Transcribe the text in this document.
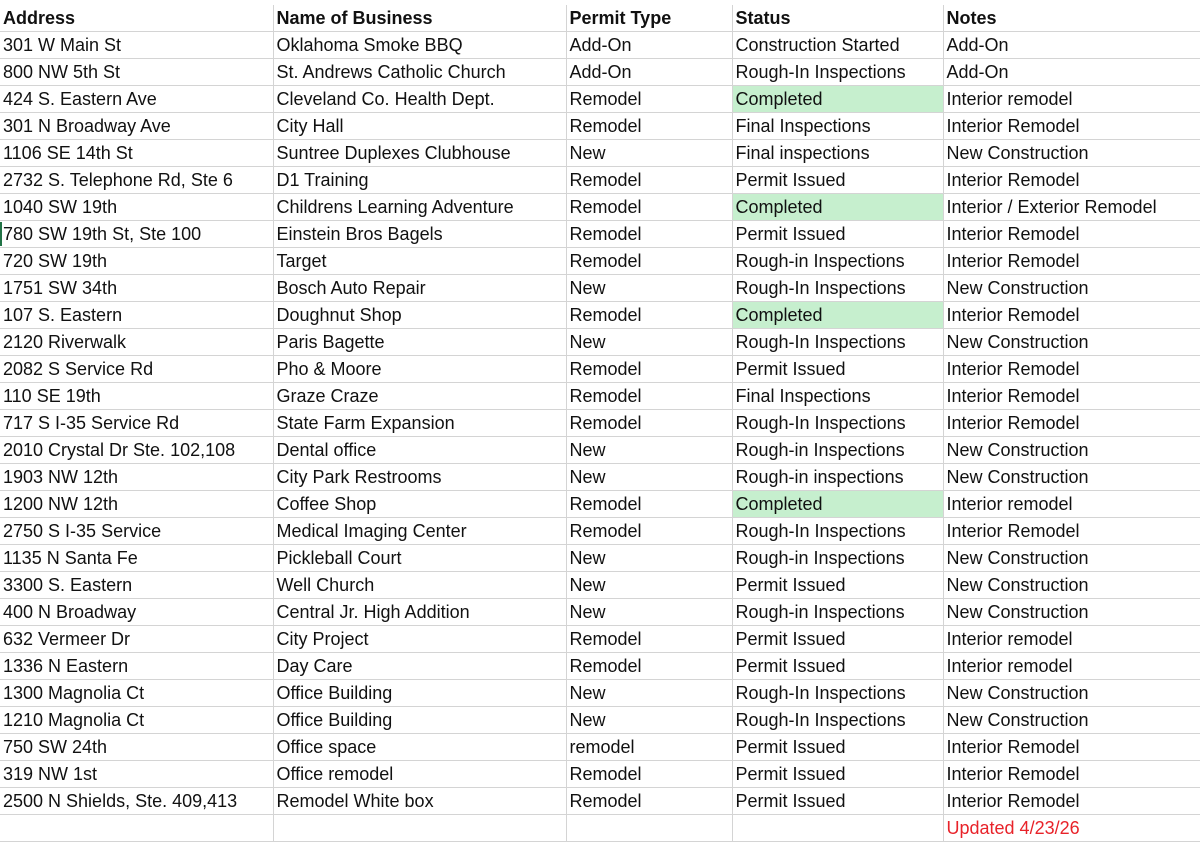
Address	Name of Business	Permit Type	Status	Notes
301 W Main St	Oklahoma Smoke BBQ	Add-On	Construction Started	Add-On
800 NW 5th St	St. Andrews Catholic Church	Add-On	Rough-In Inspections	Add-On
424 S. Eastern Ave	Cleveland Co. Health Dept.	Remodel	Completed	Interior remodel
301 N Broadway Ave	City Hall	Remodel	Final Inspections	Interior Remodel
1106 SE 14th St	Suntree Duplexes Clubhouse	New	Final inspections	New Construction
2732 S. Telephone Rd, Ste 6	D1 Training	Remodel	Permit Issued	Interior Remodel
1040 SW 19th	Childrens Learning Adventure	Remodel	Completed	Interior / Exterior Remodel
780 SW 19th St, Ste 100	Einstein Bros Bagels	Remodel	Permit Issued	Interior Remodel
720 SW 19th	Target	Remodel	Rough-in Inspections	Interior Remodel
1751 SW 34th	Bosch Auto Repair	New	Rough-In Inspections	New Construction
107 S. Eastern	Doughnut Shop	Remodel	Completed	Interior Remodel
2120 Riverwalk	Paris Bagette	New	Rough-In Inspections	New Construction
2082 S Service Rd	Pho & Moore	Remodel	Permit Issued	Interior Remodel
110 SE 19th	Graze Craze	Remodel	Final Inspections	Interior Remodel
717 S I-35 Service Rd	State Farm Expansion	Remodel	Rough-In Inspections	Interior Remodel
2010 Crystal Dr Ste. 102,108	Dental office	New	Rough-in Inspections	New Construction
1903 NW 12th	City Park Restrooms	New	Rough-in inspections	New Construction
1200 NW 12th	Coffee Shop	Remodel	Completed	Interior remodel
2750 S I-35 Service	Medical Imaging Center	Remodel	Rough-In Inspections	Interior Remodel
1135 N Santa Fe	Pickleball Court	New	Rough-in Inspections	New Construction
3300 S. Eastern	Well Church	New	Permit Issued	New Construction
400 N Broadway	Central Jr. High Addition	New	Rough-in Inspections	New Construction
632 Vermeer Dr	City Project	Remodel	Permit Issued	Interior remodel
1336 N Eastern	Day Care	Remodel	Permit Issued	Interior remodel
1300 Magnolia Ct	Office Building	New	Rough-In Inspections	New Construction
1210 Magnolia Ct	Office Building	New	Rough-In Inspections	New Construction
750 SW 24th	Office space	remodel	Permit Issued	Interior Remodel
319 NW 1st	Office remodel	Remodel	Permit Issued	Interior Remodel
2500 N Shields, Ste. 409,413	Remodel White box	Remodel	Permit Issued	Interior Remodel
				Updated 4/23/26
